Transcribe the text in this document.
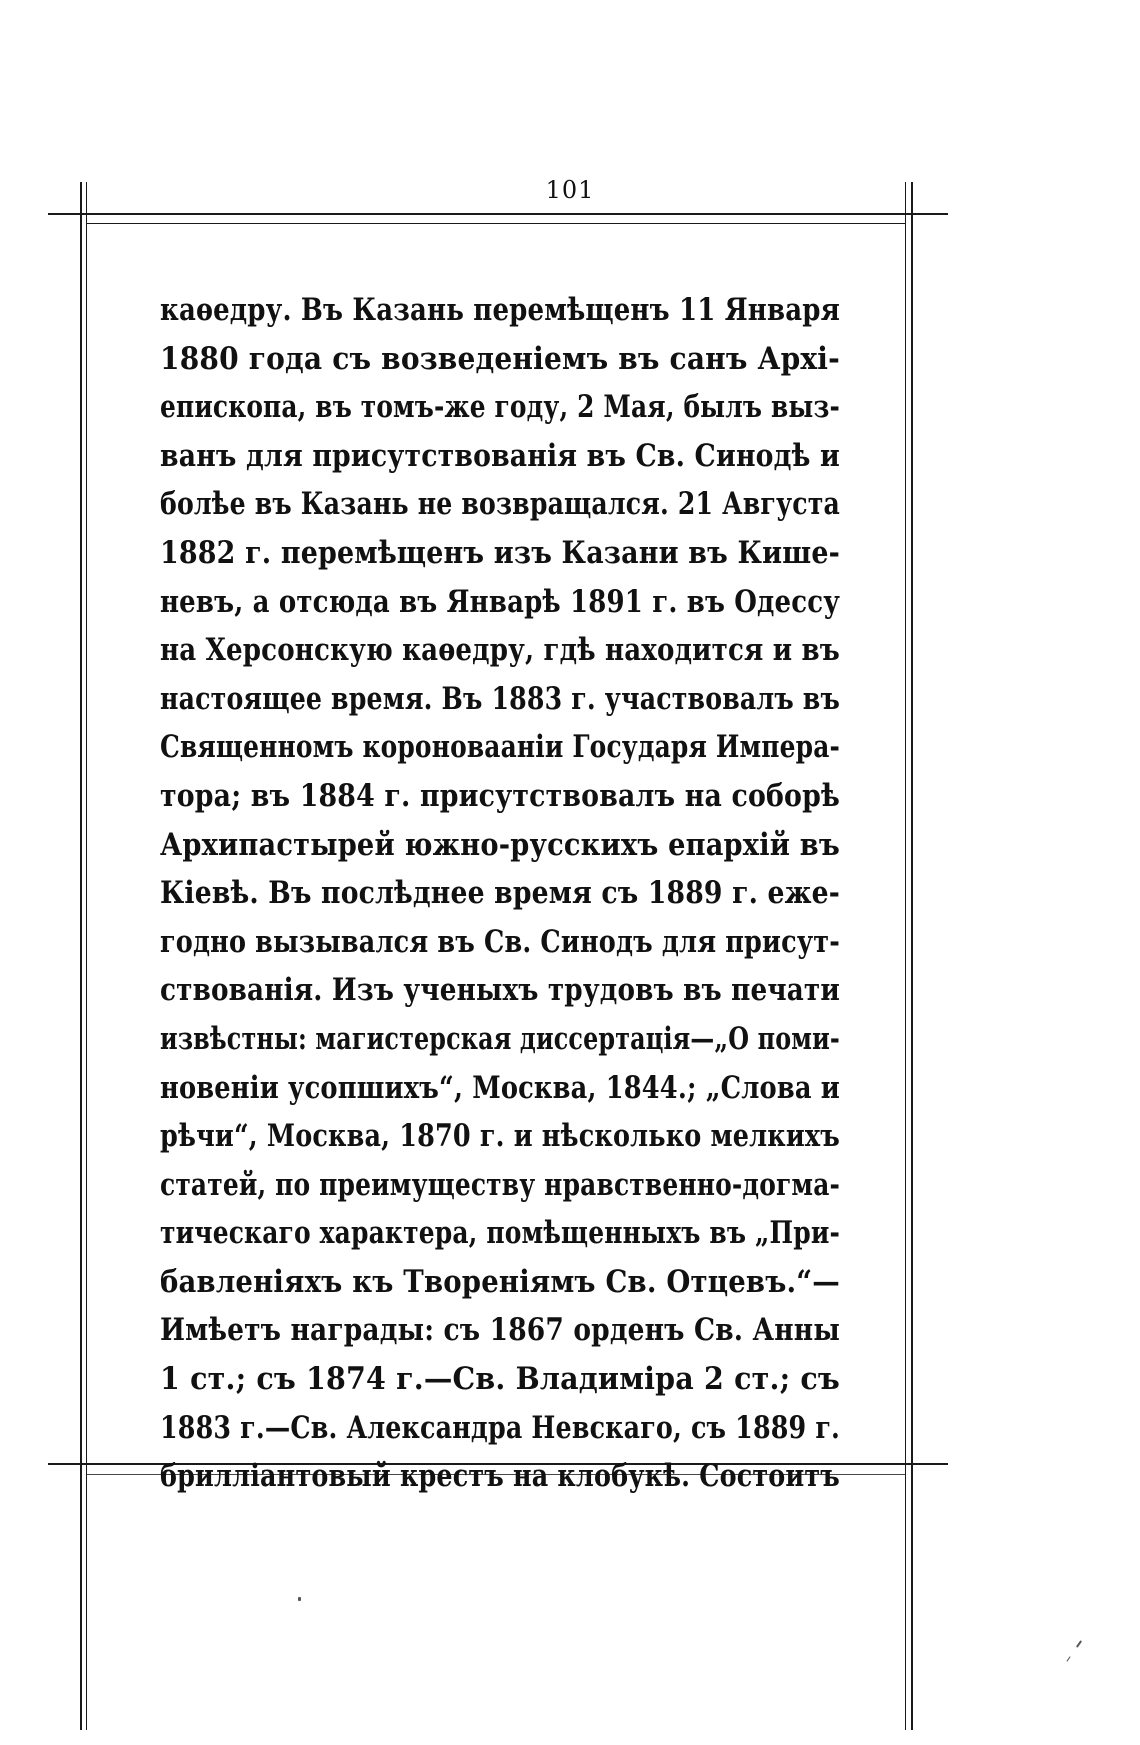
101
каѳедру. Въ Казань перемѣщенъ 11 Января
1880 года съ возведеніемъ въ санъ Архі-
епископа, въ томъ-же году, 2 Мая, былъ выз-
ванъ для присутствованія въ Св. Синодѣ и
болѣе въ Казань не возвращался. 21 Августа
1882 г. перемѣщенъ изъ Казани въ Кише-
невъ, а отсюда въ Январѣ 1891 г. въ Одессу
на Херсонскую каѳедру, гдѣ находится и въ
настоящее время. Въ 1883 г. участвовалъ въ
Священномъ короновааніи Государя Импера-
тора; въ 1884 г. присутствовалъ на соборѣ
Архипастырей южно-русскихъ епархій въ
Кіевѣ. Въ послѣднее время съ 1889 г. еже-
годно вызывался въ Св. Синодъ для присут-
ствованія. Изъ ученыхъ трудовъ въ печати
извѣстны: магистерская диссертація—„О поми-
новеніи усопшихъ“, Москва, 1844.; „Слова и
рѣчи“, Москва, 1870 г. и нѣсколько мелкихъ
статей, по преимуществу нравственно-догма-
тическаго характера, помѣщенныхъ въ „При-
бавленіяхъ къ Твореніямъ Св. Отцевъ.“—
Имѣетъ награды: съ 1867 орденъ Св. Анны
1 ст.; съ 1874 г.—Св. Владиміра 2 ст.; съ
1883 г.—Св. Александра Невскаго, съ 1889 г.
брилліантовый крестъ на клобукѣ. Состоитъ
